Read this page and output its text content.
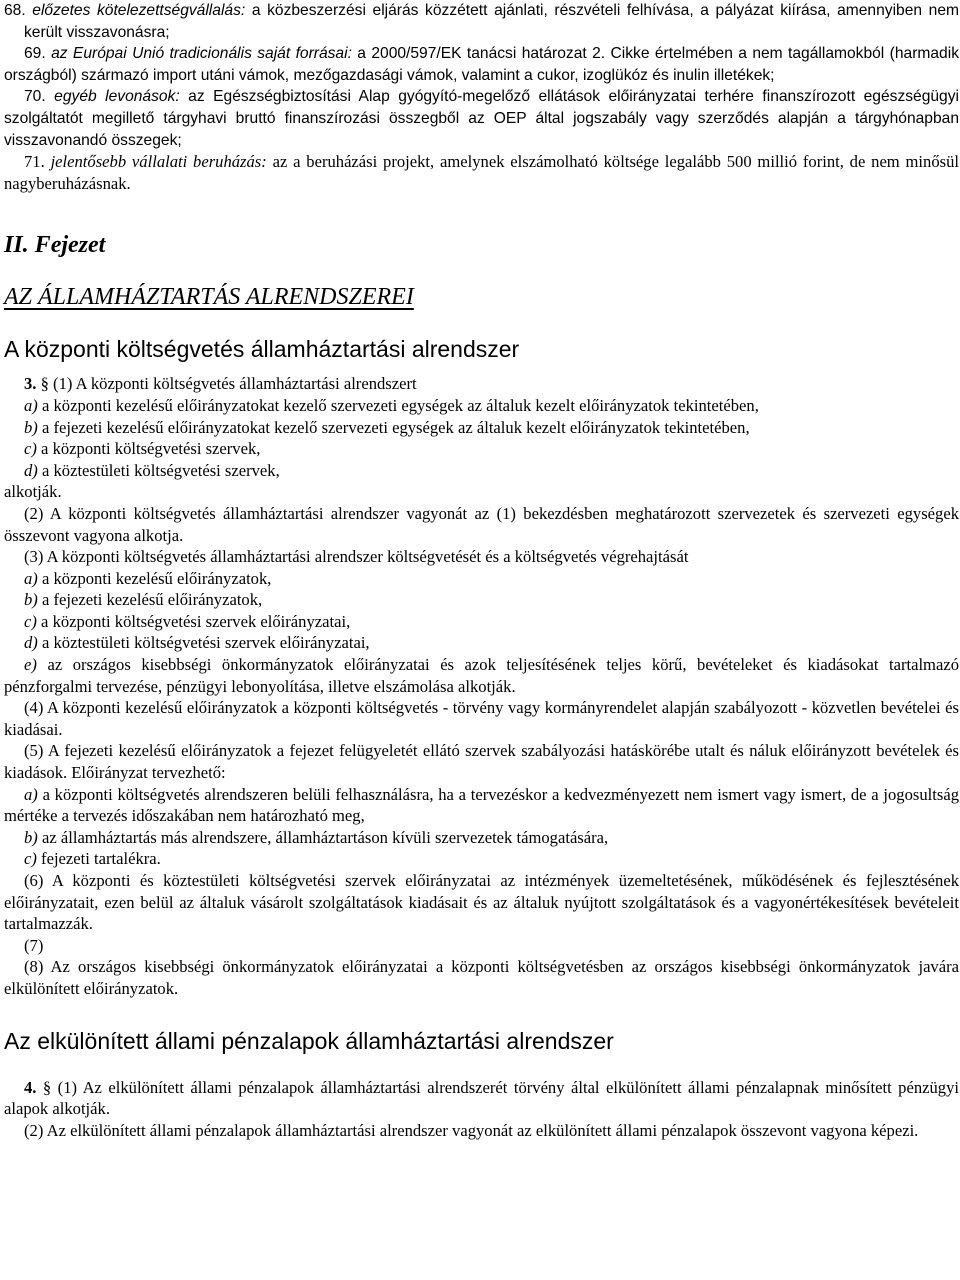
68. előzetes kötelezettségvállalás: a közbeszerzési eljárás közzétett ajánlati, részvételi felhívása, a pályázat kiírása, amennyiben nem került visszavonásra;

69. az Európai Unió tradicionális saját forrásai: a 2000/597/EK tanácsi határozat 2. Cikke értelmében a nem tagállamokból (harmadik országból) származó import utáni vámok, mezőgazdasági vámok, valamint a cukor, izoglükóz és inulin illetékek;

70. egyéb levonások: az Egészségbiztosítási Alap gyógyító-megelőző ellátások előirányzatai terhére finanszírozott egészségügyi szolgáltatót megillető tárgyhavi bruttó finanszírozási összegből az OEP által jogszabály vagy szerződés alapján a tárgyhónapban visszavonandó összegek;

71. jelentősebb vállalati beruházás: az a beruházási projekt, amelynek elszámolható költsége legalább 500 millió forint, de nem minősül nagyberuházásnak.

II. Fejezet

AZ ÁLLAMHÁZTARTÁS ALRENDSZEREI

A központi költségvetés államháztartási alrendszer

3. § (1) A központi költségvetés államháztartási alrendszert

a) a központi kezelésű előirányzatokat kezelő szervezeti egységek az általuk kezelt előirányzatok tekintetében,

b) a fejezeti kezelésű előirányzatokat kezelő szervezeti egységek az általuk kezelt előirányzatok tekintetében,

c) a központi költségvetési szervek,

d) a köztestületi költségvetési szervek,

alkotják.

(2) A központi költségvetés államháztartási alrendszer vagyonát az (1) bekezdésben meghatározott szervezetek és szervezeti egységek összevont vagyona alkotja.

(3) A központi költségvetés államháztartási alrendszer költségvetését és a költségvetés végrehajtását

a) a központi kezelésű előirányzatok,

b) a fejezeti kezelésű előirányzatok,

c) a központi költségvetési szervek előirányzatai,

d) a köztestületi költségvetési szervek előirányzatai,

e) az országos kisebbségi önkormányzatok előirányzatai és azok teljesítésének teljes körű, bevételeket és kiadásokat tartalmazó pénzforgalmi tervezése, pénzügyi lebonyolítása, illetve elszámolása alkotják.

(4) A központi kezelésű előirányzatok a központi költségvetés - törvény vagy kormányrendelet alapján szabályozott - közvetlen bevételei és kiadásai.

(5) A fejezeti kezelésű előirányzatok a fejezet felügyeletét ellátó szervek szabályozási hatáskörébe utalt és náluk előirányzott bevételek és kiadások. Előirányzat tervezhető:

a) a központi költségvetés alrendszeren belüli felhasználásra, ha a tervezéskor a kedvezményezett nem ismert vagy ismert, de a jogosultság mértéke a tervezés időszakában nem határozható meg,

b) az államháztartás más alrendszere, államháztartáson kívüli szervezetek támogatására,

c) fejezeti tartalékra.

(6) A központi és köztestületi költségvetési szervek előirányzatai az intézmények üzemeltetésének, működésének és fejlesztésének előirányzatait, ezen belül az általuk vásárolt szolgáltatások kiadásait és az általuk nyújtott szolgáltatások és a vagyonértékesítések bevételeit tartalmazzák.

(7)

(8) Az országos kisebbségi önkormányzatok előirányzatai a központi költségvetésben az országos kisebbségi önkormányzatok javára elkülönített előirányzatok.

Az elkülönített állami pénzalapok államháztartási alrendszer

4. § (1) Az elkülönített állami pénzalapok államháztartási alrendszerét törvény által elkülönített állami pénzalapnak minősített pénzügyi alapok alkotják.

(2) Az elkülönített állami pénzalapok államháztartási alrendszer vagyonát az elkülönített állami pénzalapok összevont vagyona képezi.
